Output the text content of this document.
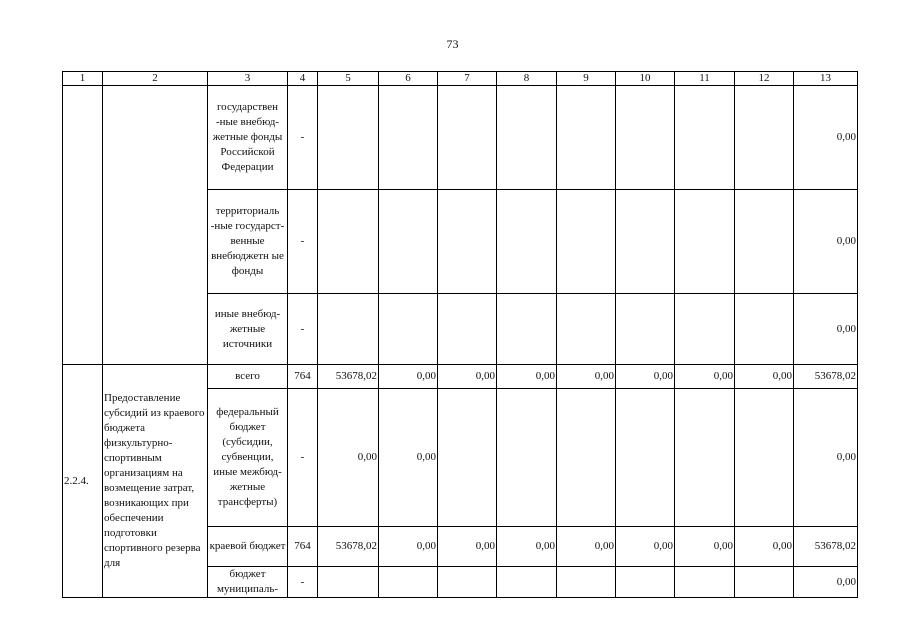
73
1	2	3	4	5	6	7	8	9	10	11	12	13
		государствен -ные внебюд-жетные фонды Российской Федерации	-									0,00
		территориаль -ные государст-венные внебюджетн ые фонды	-									0,00
		иные внебюд-жетные источники	-									0,00
2.2.4.	Предоставление субсидий из краевого бюджета физкультурно-спортивным организациям на возмещение затрат, возникающих при обеспечении подготовки спортивного резерва для	всего	764	53678,02	0,00	0,00	0,00	0,00	0,00	0,00	0,00	53678,02
		федеральный бюджет (субсидии, субвенции, иные межбюд-жетные трансферты)	-	0,00	0,00							0,00
		краевой бюджет	764	53678,02	0,00	0,00	0,00	0,00	0,00	0,00	0,00	53678,02
		бюджет муниципаль-	-									0,00
